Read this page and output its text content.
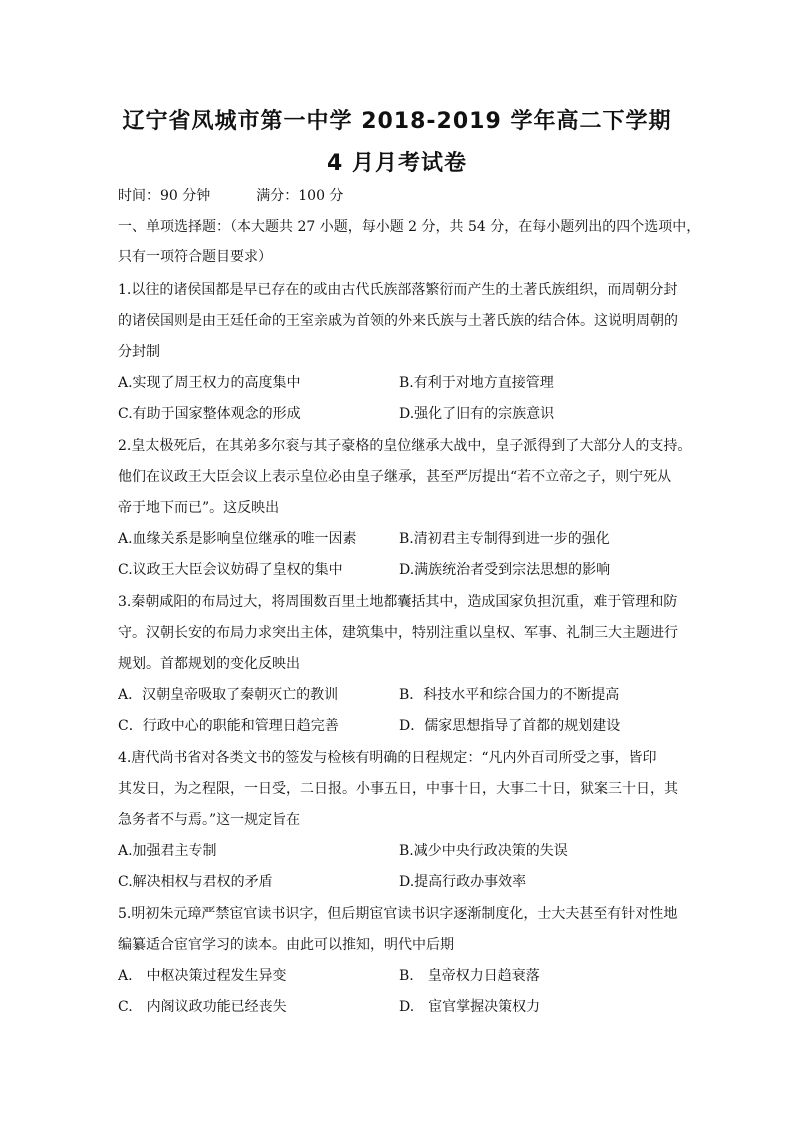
辽宁省凤城市第一中学 2018-2019 学年高二下学期
4 月月考试卷
时间：90 分钟	满分：100 分
一、单项选择题：（本大题共 27 小题，每小题 2 分，共 54 分，在每小题列出的四个选项中，
只有一项符合题目要求）
1.以往的诸侯国都是早已存在的或由古代氏族部落繁衍而产生的土著氏族组织，而周朝分封
的诸侯国则是由王廷任命的王室亲戚为首领的外来氏族与土著氏族的结合体。这说明周朝的
分封制
A.实现了周王权力的高度集中	B.有利于对地方直接管理
C.有助于国家整体观念的形成	D.强化了旧有的宗族意识
2.皇太极死后，在其弟多尔衮与其子豪格的皇位继承大战中，皇子派得到了大部分人的支持。
他们在议政王大臣会议上表示皇位必由皇子继承，甚至严厉提出“若不立帝之子，则宁死从
帝于地下而已”。这反映出
A.血缘关系是影响皇位继承的唯一因素	B.清初君主专制得到进一步的强化
C.议政王大臣会议妨碍了皇权的集中	D.满族统治者受到宗法思想的影响
3.秦朝咸阳的布局过大，将周围数百里土地都囊括其中，造成国家负担沉重，难于管理和防
守。汉朝长安的布局力求突出主体，建筑集中，特别注重以皇权、军事、礼制三大主题进行
规划。首都规划的变化反映出
A．汉朝皇帝吸取了秦朝灭亡的教训	B．科技水平和综合国力的不断提高
C．行政中心的职能和管理日趋完善	D．儒家思想指导了首都的规划建设
4.唐代尚书省对各类文书的签发与检核有明确的日程规定：“凡内外百司所受之事，皆印
其发日，为之程限，一日受，二日报。小事五日，中事十日，大事二十日，狱案三十日，其
急务者不与焉。”这一规定旨在
A.加强君主专制	B.减少中央行政决策的失误
C.解决相权与君权的矛盾	D.提高行政办事效率
5.明初朱元璋严禁宦官读书识字，但后期宦官读书识字逐渐制度化，士大夫甚至有针对性地
编纂适合宦官学习的读本。由此可以推知，明代中后期
A.　中枢决策过程发生异变	B.　皇帝权力日趋衰落
C.　内阁议政功能已经丧失	D.　宦官掌握决策权力
